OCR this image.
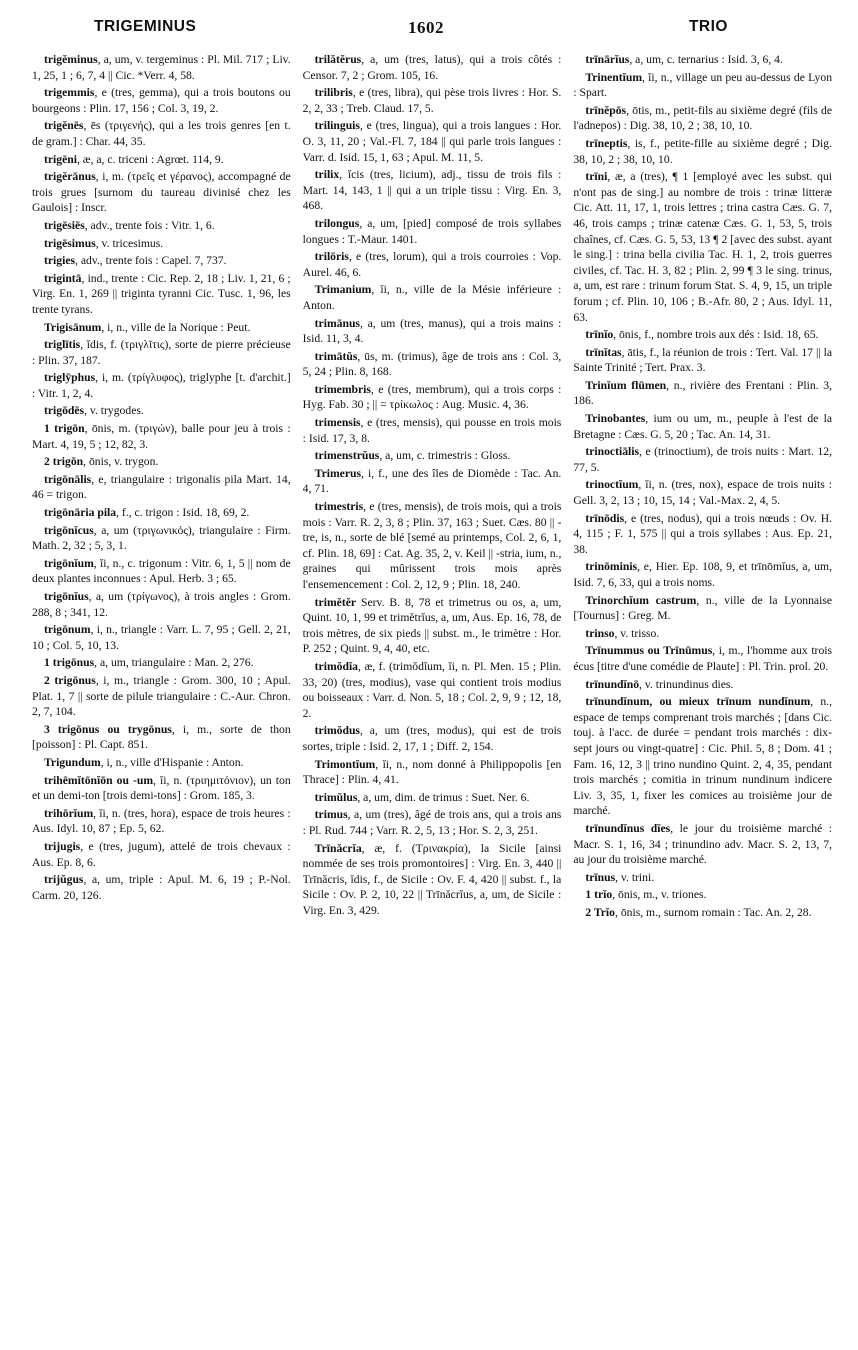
TRIGEMINUS	1602	TRIO

trigĕminus, a, um, v. tergeminus : Pl. Mil. 717 ; Liv. 1, 25, 1 ; 6, 7, 4 || Cic. *Verr. 4, 58.

trigemmis, e (tres, gemma), qui a trois boutons ou bourgeons : Plin. 17, 156 ; Col. 3, 19, 2.

trigĕnēs, ēs (τριγενής), qui a les trois genres [en t. de gram.] : Char. 44, 35.

trigēni, æ, a, c. triceni : Agrœt. 114, 9.

trigĕrānus, i, m. (τρεῖς et γέρανος), accompagné de trois grues [surnom du taureau divinisé chez les Gaulois] : Inscr.

trigēsiēs, adv., trente fois : Vitr. 1, 6.

trigēsimus, v. tricesimus.

trigies, adv., trente fois : Capel. 7, 737.

trigintā, ind., trente : Cic. Rep. 2, 18 ; Liv. 1, 21, 6 ; Virg. En. 1, 269 || triginta tyranni Cic. Tusc. 1, 96, les trente tyrans.

Trigisānum, i, n., ville de la Norique : Peut.

triglītis, ĭdis, f. (τριγλῖτις), sorte de pierre précieuse : Plin. 37, 187.

triglȳphus, i, m. (τρίγλυφος), triglyphe [t. d'archit.] : Vitr. 1, 2, 4.

trigōdēs, v. trygodes.

1 trigōn, ōnis, m. (τριγών), balle pour jeu à trois : Mart. 4, 19, 5 ; 12, 82, 3.

2 trigōn, ōnis, v. trygon.

trigōnālis, e, triangulaire : trigonalis pila Mart. 14, 46 = trigon.

trigōnāria pila, f., c. trigon : Isid. 18, 69, 2.

trigōnĭcus, a, um (τριγωνικός), triangulaire : Firm. Math. 2, 32 ; 5, 3, 1.

trigōnĭum, ĭi, n., c. trigonum : Vitr. 6, 1, 5 || nom de deux plantes inconnues : Apul. Herb. 3 ; 65.

trigōnĭus, a, um (τρίγωνος), à trois angles : Grom. 288, 8 ; 341, 12.

trigōnum, i, n., triangle : Varr. L. 7, 95 ; Gell. 2, 21, 10 ; Col. 5, 10, 13.

1 trigōnus, a, um, triangulaire : Man. 2, 276.

2 trigōnus, i, m., triangle : Grom. 300, 10 ; Apul. Plat. 1, 7 || sorte de pilule triangulaire : C.-Aur. Chron. 2, 7, 104.

3 trigōnus ou trygōnus, i, m., sorte de thon [poisson] : Pl. Capt. 851.

Trigundum, i, n., ville d'Hispanie : Anton.

trihēmĭtōnĭōn ou -um, ĭi, n. (τριημιτόνιον), un ton et un demi-ton [trois demi-tons] : Grom. 185, 3.

trihōrĭum, ĭi, n. (tres, hora), espace de trois heures : Aus. Idyl. 10, 87 ; Ep. 5, 62.

trijugis, e (tres, jugum), attelé de trois chevaux : Aus. Ep. 8, 6.

trijŭgus, a, um, triple : Apul. M. 6, 19 ; P.-Nol. Carm. 20, 126.

trilătĕrus, a, um (tres, latus), qui a trois côtés : Censor. 7, 2 ; Grom. 105, 16.

trilibris, e (tres, libra), qui pèse trois livres : Hor. S. 2, 2, 33 ; Treb. Claud. 17, 5.

trilinguis, e (tres, lingua), qui a trois langues : Hor. O. 3, 11, 20 ; Val.-Fl. 7, 184 || qui parle trois langues : Varr. d. Isid. 15, 1, 63 ; Apul. M. 11, 5.

trilix, ĭcis (tres, licium), adj., tissu de trois fils : Mart. 14, 143, 1 || qui a un triple tissu : Virg. En. 3, 468.

trilongus, a, um, [pied] composé de trois syllabes longues : T.-Maur. 1401.

trilōris, e (tres, lorum), qui a trois courroies : Vop. Aurel. 46, 6.

Trimanium, ĭi, n., ville de la Mésie inférieure : Anton.

trimānus, a, um (tres, manus), qui a trois mains : Isid. 11, 3, 4.

trimātŭs, ūs, m. (trimus), âge de trois ans : Col. 3, 5, 24 ; Plin. 8, 168.

trimembris, e (tres, membrum), qui a trois corps : Hyg. Fab. 30 ; || = τρίκωλος : Aug. Music. 4, 36.

trimensis, e (tres, mensis), qui pousse en trois mois : Isid. 17, 3, 8.

trimenstrŭus, a, um, c. trimestris : Gloss.

Trimerus, i, f., une des îles de Diomède : Tac. An. 4, 71.

trimestris, e (tres, mensis), de trois mois, qui a trois mois : Varr. R. 2, 3, 8 ; Plin. 37, 163 ; Suet. Cæs. 80 || -tre, is, n., sorte de blé [semé au printemps, Col. 2, 6, 1, cf. Plin. 18, 69] : Cat. Ag. 35, 2, v. Keil || -stria, ium, n., graines qui mûrissent trois mois après l'ensemencement : Col. 2, 12, 9 ; Plin. 18, 240.

trimĕtĕr Serv. B. 8, 78 et trimetrus ou os, a, um, Quint. 10, 1, 99 et trimĕtrĭus, a, um, Aus. Ep. 16, 78, de trois mètres, de six pieds || subst. m., le trimètre : Hor. P. 252 ; Quint. 9, 4, 40, etc.

trimŏdĭa, æ, f. (trimŏdĭum, ĭi, n. Pl. Men. 15 ; Plin. 33, 20) (tres, modius), vase qui contient trois modius ou boisseaux : Varr. d. Non. 5, 18 ; Col. 2, 9, 9 ; 12, 18, 2.

trimŏdus, a, um (tres, modus), qui est de trois sortes, triple : Isid. 2, 17, 1 ; Diff. 2, 154.

Trimontĭum, ĭi, n., nom donné à Philippopolis [en Thrace] : Plin. 4, 41.

trimŭlus, a, um, dim. de trimus : Suet. Ner. 6.

trimus, a, um (tres), âgé de trois ans, qui a trois ans : Pl. Rud. 744 ; Varr. R. 2, 5, 13 ; Hor. S. 2, 3, 251.

Trīnăcrĭa, æ, f. (Τρινακρία), la Sicile [ainsi nommée de ses trois promontoires] : Virg. En. 3, 440 || Trīnăcris, ĭdis, f., de Sicile : Ov. F. 4, 420 || subst. f., la Sicile : Ov. P. 2, 10, 22 || Trīnăcrĭus, a, um, de Sicile : Virg. En. 3, 429.

trīnārĭus, a, um, c. ternarius : Isid. 3, 6, 4.

Trinentĭum, ĭi, n., village un peu au-dessus de Lyon : Spart.

trīnĕpōs, ōtis, m., petit-fils au sixième degré (fils de l'adnepos) : Dig. 38, 10, 2 ; 38, 10, 10.

trīneptis, is, f., petite-fille au sixième degré ; Dig. 38, 10, 2 ; 38, 10, 10.

trīni, æ, a (tres), ¶ 1 [employé avec les subst. qui n'ont pas de sing.] au nombre de trois : trinæ litteræ Cic. Att. 11, 17, 1, trois lettres ; trina castra Cæs. G. 7, 46, trois camps ; trinæ catenæ Cæs. G. 1, 53, 5, trois chaînes, cf. Cæs. G. 5, 53, 13 ¶ 2 [avec des subst. ayant le sing.] : trina bella civilia Tac. H. 1, 2, trois guerres civiles, cf. Tac. H. 3, 82 ; Plin. 2, 99 ¶ 3 le sing. trinus, a, um, est rare : trinum forum Stat. S. 4, 9, 15, un triple forum ; cf. Plin. 10, 106 ; B.-Afr. 80, 2 ; Aus. Idyl. 11, 63.

trīnĭo, ōnis, f., nombre trois aux dés : Isid. 18, 65.

trīnĭtas, ātis, f., la réunion de trois : Tert. Val. 17 || la Sainte Trinité ; Tert. Prax. 3.

Trinĭum flūmen, n., rivière des Frentani : Plin. 3, 186.

Trinobantes, ium ou um, m., peuple à l'est de la Bretagne : Cæs. G. 5, 20 ; Tac. An. 14, 31.

trinoctiālis, e (trinoctium), de trois nuits : Mart. 12, 77, 5.

trinoctĭum, ĭi, n. (tres, nox), espace de trois nuits : Gell. 3, 2, 13 ; 10, 15, 14 ; Val.-Max. 2, 4, 5.

trīnōdis, e (tres, nodus), qui a trois nœuds : Ov. H. 4, 115 ; F. 1, 575 || qui a trois syllabes : Aus. Ep. 21, 38.

trinōminis, e, Hier. Ep. 108, 9, et trīnōmĭus, a, um, Isid. 7, 6, 33, qui a trois noms.

Trinorchĭum castrum, n., ville de la Lyonnaise [Tournus] : Greg. M.

trinso, v. trisso.

Trīnummus ou Trīnūmus, i, m., l'homme aux trois écus [titre d'une comédie de Plaute] : Pl. Trin. prol. 20.

trīnundĭnō, v. trinundinus dies.

trīnundĭnum, ou mieux trīnum nundĭnum, n., espace de temps comprenant trois marchés ; [dans Cic. touj. à l'acc. de durée = pendant trois marchés : dix-sept jours ou vingt-quatre] : Cic. Phil. 5, 8 ; Dom. 41 ; Fam. 16, 12, 3 || trino nundino Quint. 2, 4, 35, pendant trois marchés ; comitia in trinum nundinum indicere Liv. 3, 35, 1, fixer les comices au troisième jour de marché.

trīnundĭnus dĭes, le jour du troisième marché : Macr. S. 1, 16, 34 ; trinundino adv. Macr. S. 2, 13, 7, au jour du troisième marché.

trīnus, v. trini.

1 trĭo, ōnis, m., v. triones.

2 Trĭo, ōnis, m., surnom romain : Tac. An. 2, 28.
